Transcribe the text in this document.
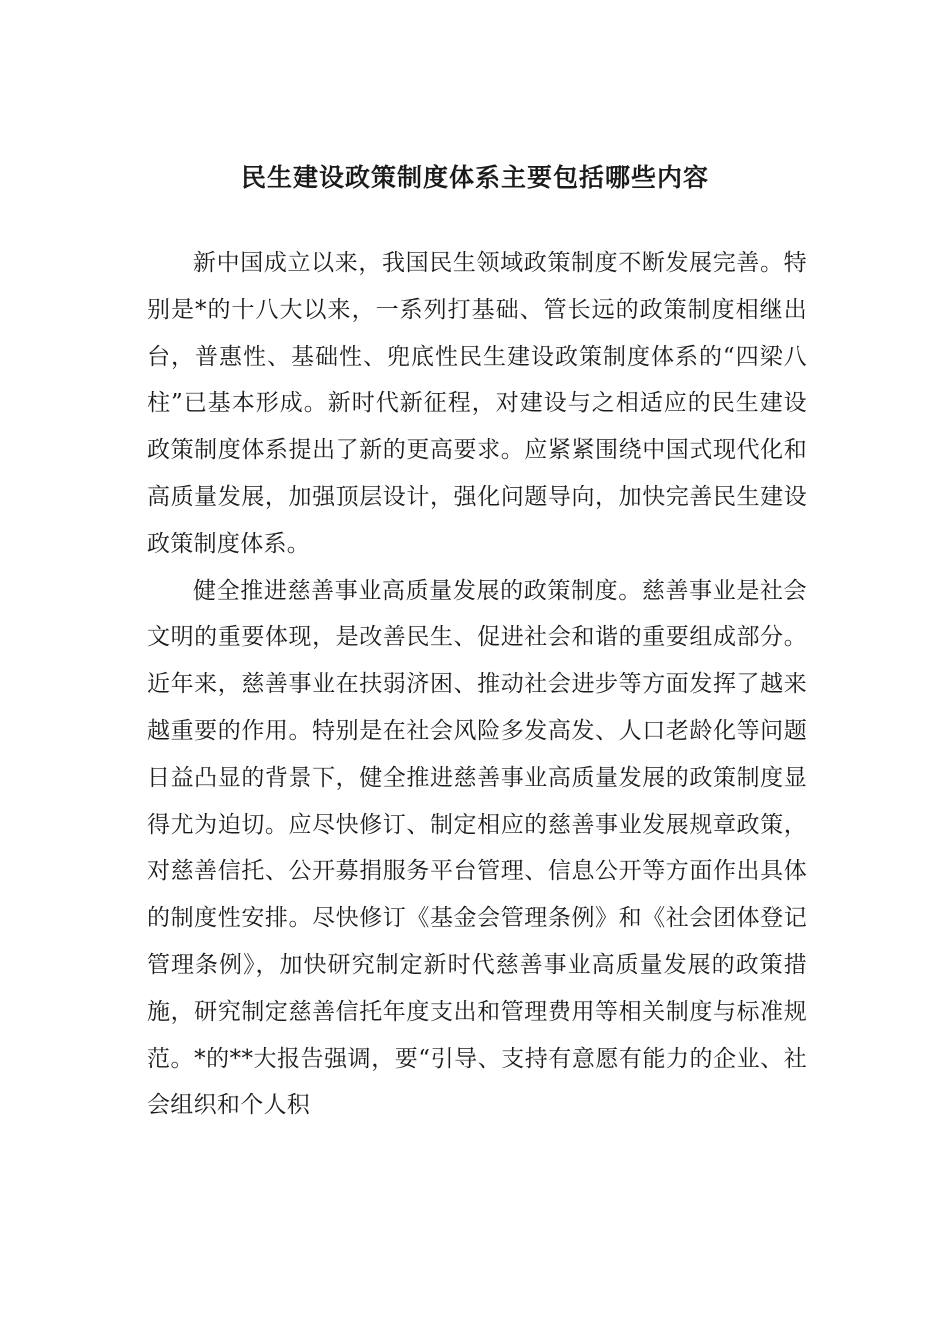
民生建设政策制度体系主要包括哪些内容

新中国成立以来，我国民生领域政策制度不断发展完善。特别是*的十八大以来，一系列打基础、管长远的政策制度相继出台，普惠性、基础性、兜底性民生建设政策制度体系的“四梁八柱”已基本形成。新时代新征程，对建设与之相适应的民生建设政策制度体系提出了新的更高要求。应紧紧围绕中国式现代化和高质量发展，加强顶层设计，强化问题导向，加快完善民生建设政策制度体系。

健全推进慈善事业高质量发展的政策制度。慈善事业是社会文明的重要体现，是改善民生、促进社会和谐的重要组成部分。近年来，慈善事业在扶弱济困、推动社会进步等方面发挥了越来越重要的作用。特别是在社会风险多发高发、人口老龄化等问题日益凸显的背景下，健全推进慈善事业高质量发展的政策制度显得尤为迫切。应尽快修订、制定相应的慈善事业发展规章政策，对慈善信托、公开募捐服务平台管理、信息公开等方面作出具体的制度性安排。尽快修订《基金会管理条例》和《社会团体登记管理条例》，加快研究制定新时代慈善事业高质量发展的政策措施，研究制定慈善信托年度支出和管理费用等相关制度与标准规范。*的**大报告强调，要“引导、支持有意愿有能力的企业、社会组织和个人积
